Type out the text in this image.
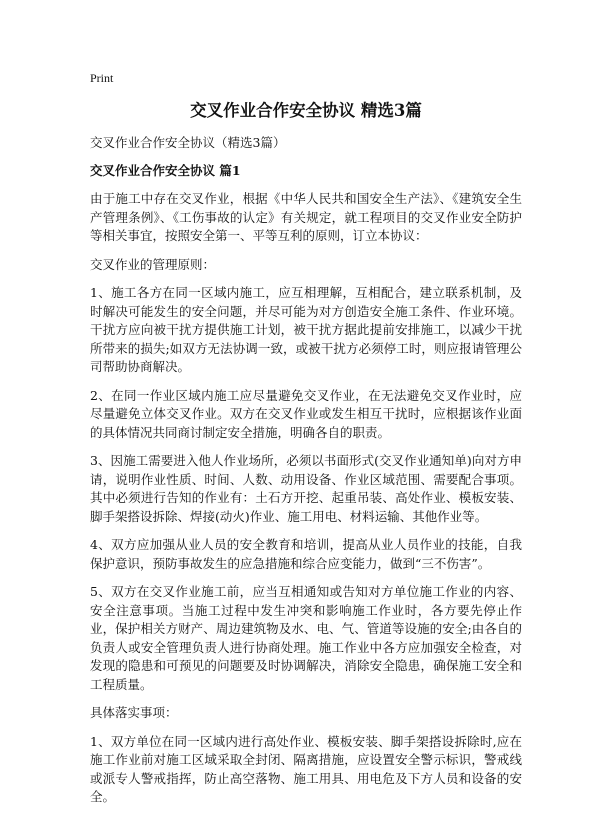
Print
交叉作业合作安全协议 精选3篇
交叉作业合作安全协议（精选3篇）
交叉作业合作安全协议 篇1
由于施工中存在交叉作业，根据《中华人民共和国安全生产法》、《建筑安全生产管理条例》、《工伤事故的认定》有关规定，就工程项目的交叉作业安全防护等相关事宜，按照安全第一、平等互利的原则，订立本协议：
交叉作业的管理原则：
1、施工各方在同一区域内施工，应互相理解，互相配合，建立联系机制，及时解决可能发生的安全问题，并尽可能为对方创造安全施工条件、作业环境。干扰方应向被干扰方提供施工计划，被干扰方据此提前安排施工，以减少干扰所带来的损失;如双方无法协调一致，或被干扰方必须停工时，则应报请管理公司帮助协商解决。
2、在同一作业区域内施工应尽量避免交叉作业，在无法避免交叉作业时，应尽量避免立体交叉作业。双方在交叉作业或发生相互干扰时，应根据该作业面的具体情况共同商讨制定安全措施，明确各自的职责。
3、因施工需要进入他人作业场所，必须以书面形式(交叉作业通知单)向对方申请，说明作业性质、时间、人数、动用设备、作业区域范围、需要配合事项。其中必须进行告知的作业有：土石方开挖、起重吊装、高处作业、模板安装、脚手架搭设拆除、焊接(动火)作业、施工用电、材料运输、其他作业等。
4、双方应加强从业人员的安全教育和培训，提高从业人员作业的技能，自我保护意识，预防事故发生的应急措施和综合应变能力，做到“三不伤害”。
5、双方在交叉作业施工前，应当互相通知或告知对方单位施工作业的内容、安全注意事项。当施工过程中发生冲突和影响施工作业时，各方要先停止作业，保护相关方财产、周边建筑物及水、电、气、管道等设施的安全;由各自的负责人或安全管理负责人进行协商处理。施工作业中各方应加强安全检查，对发现的隐患和可预见的问题要及时协调解决，消除安全隐患，确保施工安全和工程质量。
具体落实事项：
1、双方单位在同一区域内进行高处作业、模板安装、脚手架搭设拆除时,应在施工作业前对施工区域采取全封闭、隔离措施，应设置安全警示标识，警戒线或派专人警戒指挥，防止高空落物、施工用具、用电危及下方人员和设备的安全。
